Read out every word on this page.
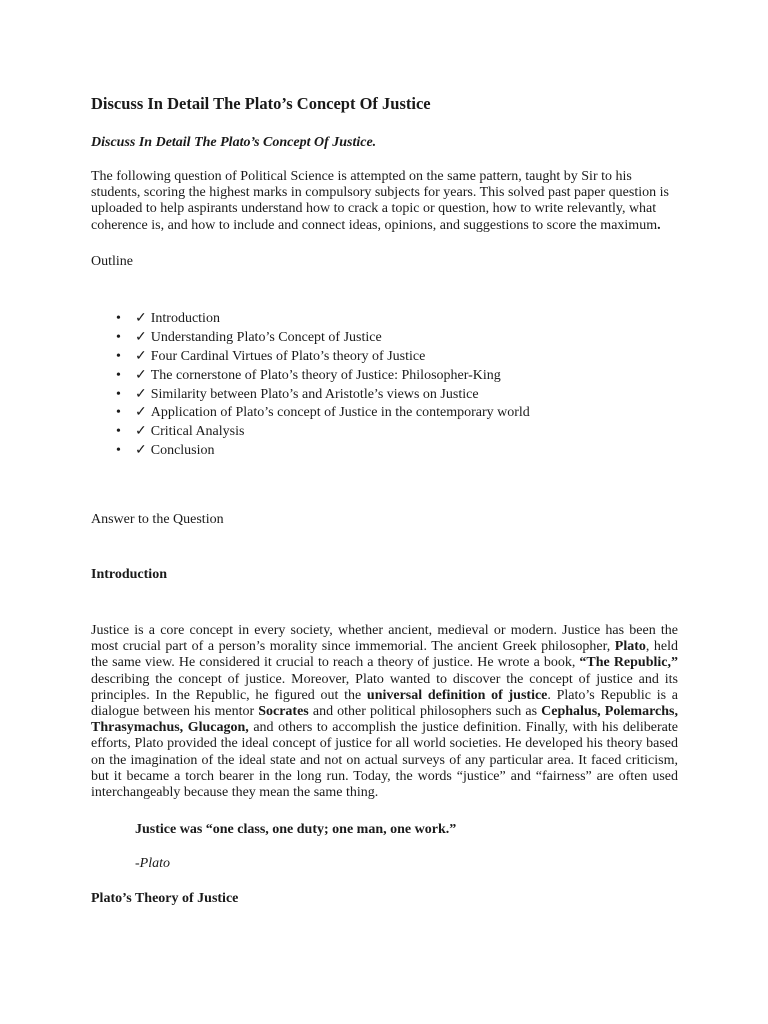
Discuss In Detail The Plato’s Concept Of Justice

Discuss In Detail The Plato’s Concept Of Justice.

The following question of Political Science is attempted on the same pattern, taught by Sir to his students, scoring the highest marks in compulsory subjects for years. This solved past paper question is uploaded to help aspirants understand how to crack a topic or question, how to write relevantly, what coherence is, and how to include and connect ideas, opinions, and suggestions to score the maximum.

Outline

• ✓ Introduction
• ✓ Understanding Plato’s Concept of Justice
• ✓ Four Cardinal Virtues of Plato’s theory of Justice
• ✓ The cornerstone of Plato’s theory of Justice: Philosopher-King
• ✓ Similarity between Plato’s and Aristotle’s views on Justice
• ✓ Application of Plato’s concept of Justice in the contemporary world
• ✓ Critical Analysis
• ✓ Conclusion

Answer to the Question

Introduction

Justice is a core concept in every society, whether ancient, medieval or modern. Justice has been the most crucial part of a person’s morality since immemorial. The ancient Greek philosopher, Plato, held the same view. He considered it crucial to reach a theory of justice. He wrote a book, “The Republic,” describing the concept of justice. Moreover, Plato wanted to discover the concept of justice and its principles. In the Republic, he figured out the universal definition of justice. Plato’s Republic is a dialogue between his mentor Socrates and other political philosophers such as Cephalus, Polemarchs, Thrasymachus, Glucagon, and others to accomplish the justice definition. Finally, with his deliberate efforts, Plato provided the ideal concept of justice for all world societies. He developed his theory based on the imagination of the ideal state and not on actual surveys of any particular area. It faced criticism, but it became a torch bearer in the long run. Today, the words “justice” and “fairness” are often used interchangeably because they mean the same thing.

Justice was “one class, one duty; one man, one work.”

-Plato

Plato’s Theory of Justice
